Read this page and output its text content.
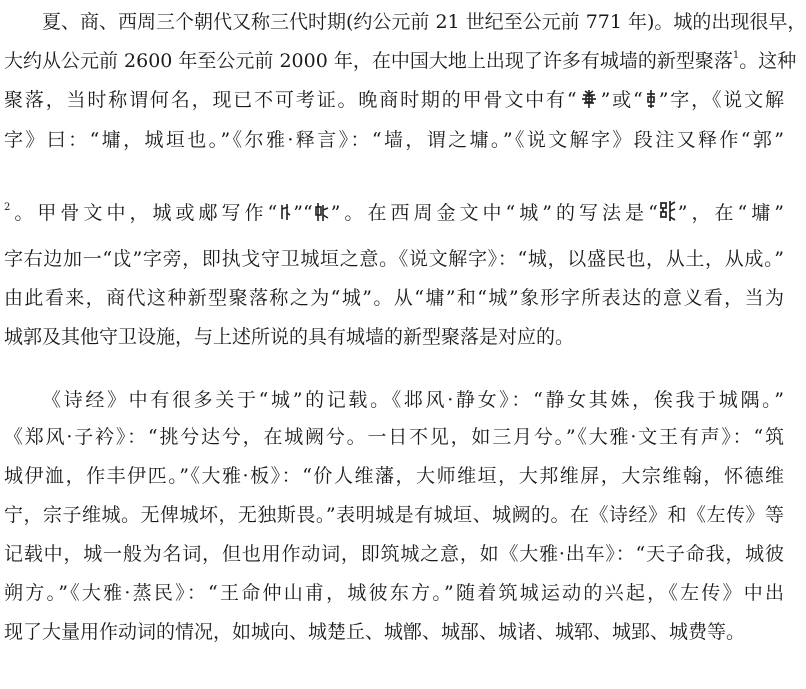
夏、商、西周三个朝代又称三代时期(约公元前 21 世纪至公元前 771 年)。城的出现很早，
大约从公元前 2600 年至公元前 2000 年，在中国大地上出现了许多有城墙的新型聚落$^1$。这种
聚落，当时称谓何名，现已不可考证。晚商时期的甲骨文中有“ ”或“ ”字，《说文解
字》曰：“墉，城垣也。”《尔雅·释言》：“墙，谓之墉。”《说文解字》段注又释作“郭”
$^2$。甲骨文中，城或郕写作“ ”“ ”。在西周金文中“城”的写法是“ ”，在“墉”
字右边加一“戉”字旁，即执戈守卫城垣之意。《说文解字》：“城，以盛民也，从土，从成。”
由此看来，商代这种新型聚落称之为“城”。从“墉”和“城”象形字所表达的意义看，当为
城郭及其他守卫设施，与上述所说的具有城墙的新型聚落是对应的。
《诗经》中有很多关于“城”的记载。《邶风·静女》：“静女其姝，俟我于城隅。”
《郑风·子衿》：“挑兮达兮，在城阙兮。一日不见，如三月兮。”《大雅·文王有声》：“筑
城伊洫，作丰伊匹。”《大雅·板》：“价人维藩，大师维垣，大邦维屏，大宗维翰，怀德维
宁，宗子维城。无俾城坏，无独斯畏。”表明城是有城垣、城阙的。在《诗经》和《左传》等
记载中，城一般为名词，但也用作动词，即筑城之意，如《大雅·出车》：“天子命我，城彼
朔方。”《大雅·蒸民》：“王命仲山甫，城彼东方。”随着筑城运动的兴起，《左传》中出
现了大量用作动词的情况，如城向、城楚丘、城鄫、城郚、城诸、城郓、城郢、城费等。
